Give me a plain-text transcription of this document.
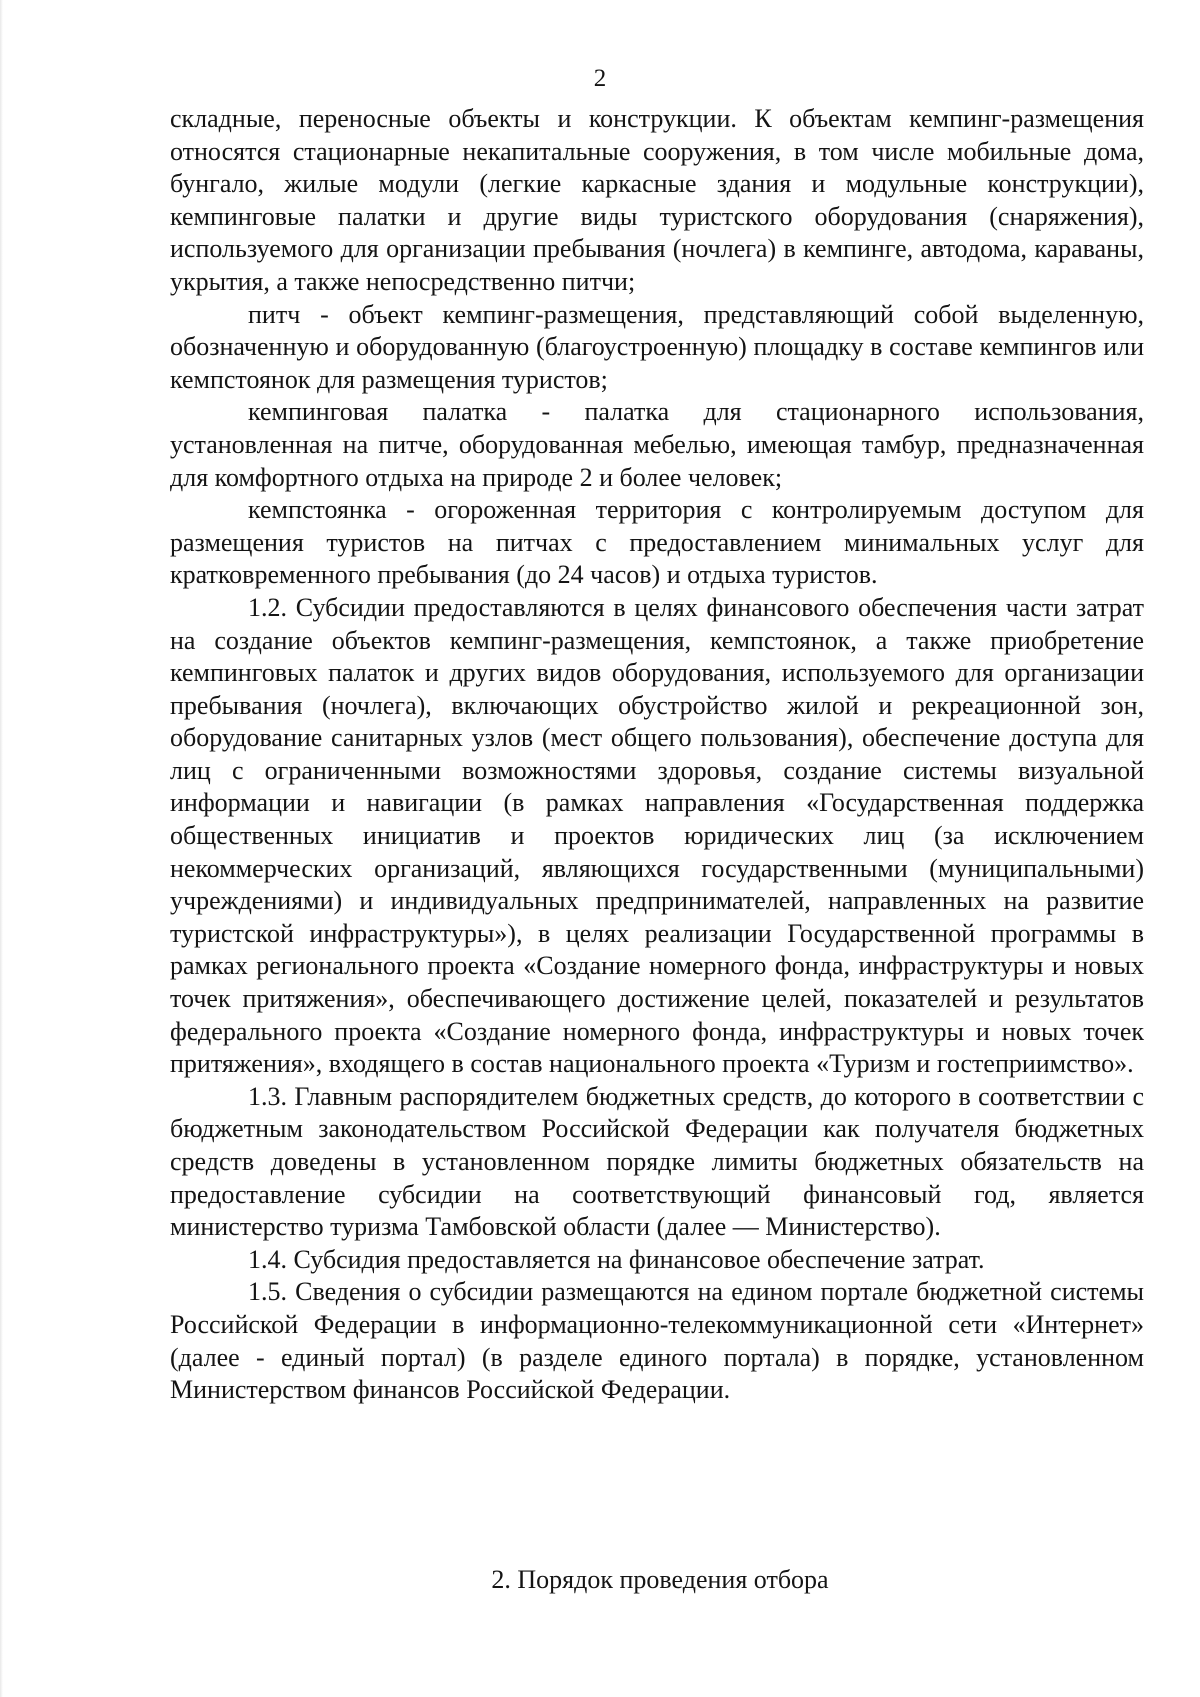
2

складные, переносные объекты и конструкции. К объектам кемпинг-размещения относятся стационарные некапитальные сооружения, в том числе мобильные дома, бунгало, жилые модули (легкие каркасные здания и модульные конструкции), кемпинговые палатки и другие виды туристского оборудования (снаряжения), используемого для организации пребывания (ночлега) в кемпинге, автодома, караваны, укрытия, а также непосредственно питчи;

питч - объект кемпинг-размещения, представляющий собой выделенную, обозначенную и оборудованную (благоустроенную) площадку в составе кемпингов или кемпстоянок для размещения туристов;

кемпинговая палатка - палатка для стационарного использования, установленная на питче, оборудованная мебелью, имеющая тамбур, предназначенная для комфортного отдыха на природе 2 и более человек;

кемпстоянка - огороженная территория с контролируемым доступом для размещения туристов на питчах с предоставлением минимальных услуг для кратковременного пребывания (до 24 часов) и отдыха туристов.

1.2. Субсидии предоставляются в целях финансового обеспечения части затрат на создание объектов кемпинг-размещения, кемпстоянок, а также приобретение кемпинговых палаток и других видов оборудования, используемого для организации пребывания (ночлега), включающих обустройство жилой и рекреационной зон, оборудование санитарных узлов (мест общего пользования), обеспечение доступа для лиц с ограниченными возможностями здоровья, создание системы визуальной информации и навигации (в рамках направления «Государственная поддержка общественных инициатив и проектов юридических лиц (за исключением некоммерческих организаций, являющихся государственными (муниципальными) учреждениями) и индивидуальных предпринимателей, направленных на развитие туристской инфраструктуры»), в целях реализации Государственной программы в рамках регионального проекта «Создание номерного фонда, инфраструктуры и новых точек притяжения», обеспечивающего достижение целей, показателей и результатов федерального проекта «Создание номерного фонда, инфраструктуры и новых точек притяжения», входящего в состав национального проекта «Туризм и гостеприимство».

1.3. Главным распорядителем бюджетных средств, до которого в соответствии с бюджетным законодательством Российской Федерации как получателя бюджетных средств доведены в установленном порядке лимиты бюджетных обязательств на предоставление субсидии на соответствующий финансовый год, является министерство туризма Тамбовской области (далее — Министерство).

1.4. Субсидия предоставляется на финансовое обеспечение затрат.

1.5. Сведения о субсидии размещаются на едином портале бюджетной системы Российской Федерации в информационно-телекоммуникационной сети «Интернет» (далее - единый портал) (в разделе единого портала) в порядке, установленном Министерством финансов Российской Федерации.

2. Порядок проведения отбора
